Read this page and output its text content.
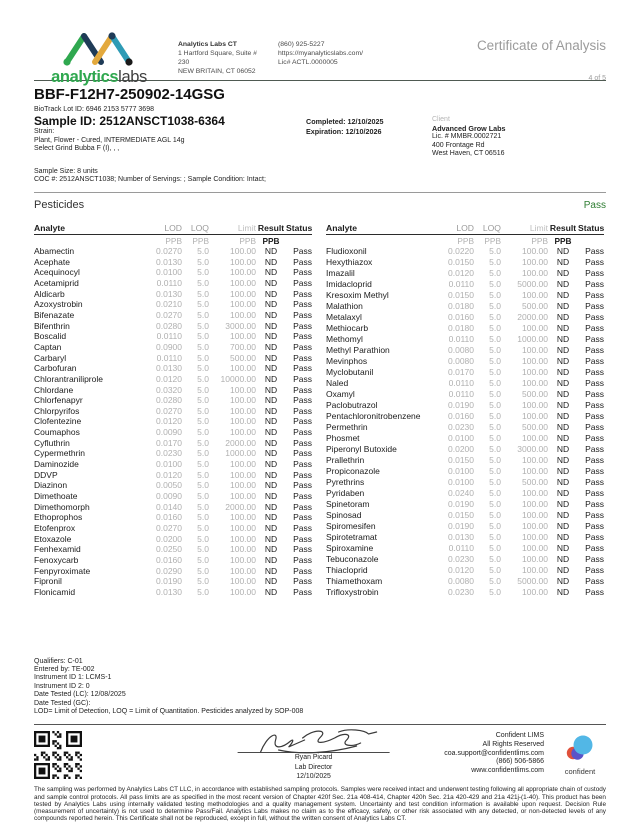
analyticslabs
Analytics Labs CT
1 Hartford Square, Suite # 230
NEW BRITAIN, CT 06052
(860) 925-5227
https://myanalyticslabs.com/
Lic# ACTL.0000005
Certificate of Analysis
4 of 5
BBF-F12H7-250902-14GSG
BioTrack Lot ID: 6946 2153 5777 3698
Sample ID: 2512ANSCT1038-6364
Strain:
Plant, Flower - Cured, INTERMEDIATE AGL 14g
Select Grind Bubba F (I), , ,
Completed: 12/10/2025
Expiration: 12/10/2026
Client
Advanced Grow Labs
Lic. # MMBR.0002721
400 Frontage Rd
West Haven, CT 06516
Sample Size: 8 units
COC #: 2512ANSCT1038; Number of Servings: ; Sample Condition: Intact;
Pesticides	Pass
Analyte	LOD	LOQ	Limit	Result	Status
	PPB	PPB	PPB	PPB	
Abamectin	0.0270	5.0	100.00	ND	Pass
Acephate	0.0130	5.0	100.00	ND	Pass
Acequinocyl	0.0100	5.0	100.00	ND	Pass
Acetamiprid	0.0110	5.0	100.00	ND	Pass
Aldicarb	0.0130	5.0	100.00	ND	Pass
Azoxystrobin	0.0210	5.0	100.00	ND	Pass
Bifenazate	0.0270	5.0	100.00	ND	Pass
Bifenthrin	0.0280	5.0	3000.00	ND	Pass
Boscalid	0.0110	5.0	100.00	ND	Pass
Captan	0.0900	5.0	700.00	ND	Pass
Carbaryl	0.0110	5.0	500.00	ND	Pass
Carbofuran	0.0130	5.0	100.00	ND	Pass
Chlorantraniliprole	0.0120	5.0	10000.00	ND	Pass
Chlordane	0.0320	5.0	100.00	ND	Pass
Chlorfenapyr	0.0280	5.0	100.00	ND	Pass
Chlorpyrifos	0.0270	5.0	100.00	ND	Pass
Clofentezine	0.0120	5.0	100.00	ND	Pass
Coumaphos	0.0090	5.0	100.00	ND	Pass
Cyfluthrin	0.0170	5.0	2000.00	ND	Pass
Cypermethrin	0.0230	5.0	1000.00	ND	Pass
Daminozide	0.0100	5.0	100.00	ND	Pass
DDVP	0.0120	5.0	100.00	ND	Pass
Diazinon	0.0050	5.0	100.00	ND	Pass
Dimethoate	0.0090	5.0	100.00	ND	Pass
Dimethomorph	0.0140	5.0	2000.00	ND	Pass
Ethoprophos	0.0160	5.0	100.00	ND	Pass
Etofenprox	0.0270	5.0	100.00	ND	Pass
Etoxazole	0.0200	5.0	100.00	ND	Pass
Fenhexamid	0.0250	5.0	100.00	ND	Pass
Fenoxycarb	0.0160	5.0	100.00	ND	Pass
Fenpyroximate	0.0290	5.0	100.00	ND	Pass
Fipronil	0.0190	5.0	100.00	ND	Pass
Flonicamid	0.0130	5.0	100.00	ND	Pass
Analyte	LOD	LOQ	Limit	Result	Status
	PPB	PPB	PPB	PPB	
Fludioxonil	0.0220	5.0	100.00	ND	Pass
Hexythiazox	0.0150	5.0	100.00	ND	Pass
Imazalil	0.0120	5.0	100.00	ND	Pass
Imidacloprid	0.0110	5.0	5000.00	ND	Pass
Kresoxim Methyl	0.0150	5.0	100.00	ND	Pass
Malathion	0.0180	5.0	500.00	ND	Pass
Metalaxyl	0.0160	5.0	2000.00	ND	Pass
Methiocarb	0.0180	5.0	100.00	ND	Pass
Methomyl	0.0110	5.0	1000.00	ND	Pass
Methyl Parathion	0.0080	5.0	100.00	ND	Pass
Mevinphos	0.0080	5.0	100.00	ND	Pass
Myclobutanil	0.0170	5.0	100.00	ND	Pass
Naled	0.0110	5.0	100.00	ND	Pass
Oxamyl	0.0110	5.0	500.00	ND	Pass
Paclobutrazol	0.0190	5.0	100.00	ND	Pass
Pentachloronitrobenzene	0.0160	5.0	100.00	ND	Pass
Permethrin	0.0230	5.0	500.00	ND	Pass
Phosmet	0.0100	5.0	100.00	ND	Pass
Piperonyl Butoxide	0.0200	5.0	3000.00	ND	Pass
Prallethrin	0.0150	5.0	100.00	ND	Pass
Propiconazole	0.0100	5.0	100.00	ND	Pass
Pyrethrins	0.0100	5.0	500.00	ND	Pass
Pyridaben	0.0240	5.0	100.00	ND	Pass
Spinetoram	0.0190	5.0	100.00	ND	Pass
Spinosad	0.0150	5.0	100.00	ND	Pass
Spiromesifen	0.0190	5.0	100.00	ND	Pass
Spirotetramat	0.0130	5.0	100.00	ND	Pass
Spiroxamine	0.0110	5.0	100.00	ND	Pass
Tebuconazole	0.0230	5.0	100.00	ND	Pass
Thiacloprid	0.0120	5.0	100.00	ND	Pass
Thiamethoxam	0.0080	5.0	5000.00	ND	Pass
Trifloxystrobin	0.0230	5.0	100.00	ND	Pass
Qualifiers: C-01
Entered by: TE-002
Instrument ID 1: LCMS-1
Instrument ID 2: 0
Date Tested (LC): 12/08/2025
Date Tested (GC):
LOD= Limit of Detection, LOQ = Limit of Quantitation. Pesticides analyzed by SOP-008
Ryan Picard
Lab Director
12/10/2025
Confident LIMS
All Rights Reserved
coa.support@confidentlims.com
(866) 506-5866
www.confidentlims.com	confident
The sampling was performed by Analytics Labs CT LLC, in accordance with established sampling protocols. Samples were received intact and underwent testing following all appropriate chain of custody and sample control protocols. All pass limits are as specified in the most recent version of Chapter 420f Sec. 21a 408-414, Chapter 420h Sec. 21a 420-429 and 21a 421j-(1-40). This product has been tested by Analytics Labs using internally validated testing methodologies and a quality management system. Uncertainty and test condition information is available upon request. Decision Rule (measurement of uncertainty) is not used to determine Pass/Fail. Analytics Labs makes no claim as to the efficacy, safety, or other risk associated with any detected, or non-detected levels of any compounds reported herein. This Certificate shall not be reproduced, except in full, without the written consent of Analytics Labs CT.
